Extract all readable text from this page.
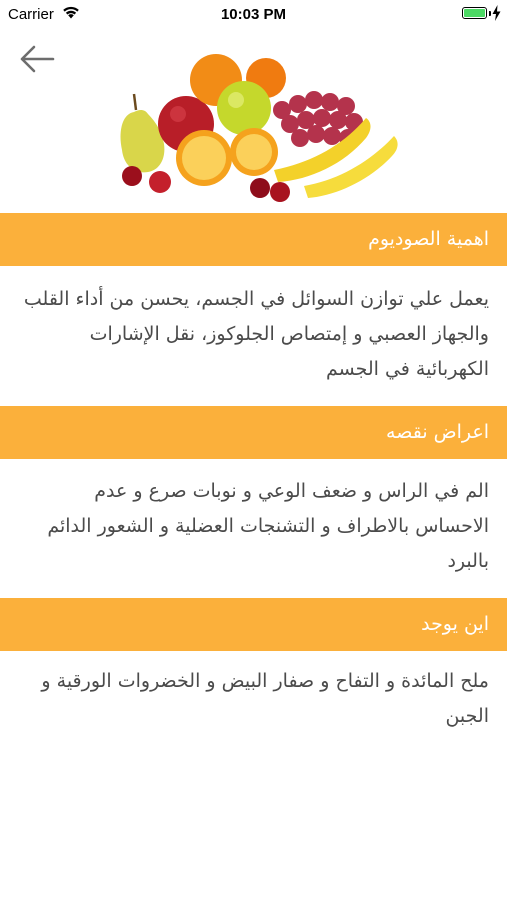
Carrier	10:03 PM
اهمية الصوديوم
يعمل علي توازن السوائل في الجسم، يحسن من أداء القلب والجهاز العصبي و إمتصاص الجلوكوز، نقل الإشارات الكهربائية في الجسم
اعراض نقصه
الم في الراس و ضعف الوعي و نوبات صرع و عدم الاحساس بالاطراف و التشنجات العضلية و الشعور الدائم بالبرد
اين يوجد
ملح المائدة و التفاح و صفار البيض و الخضروات الورقية و الجبن
